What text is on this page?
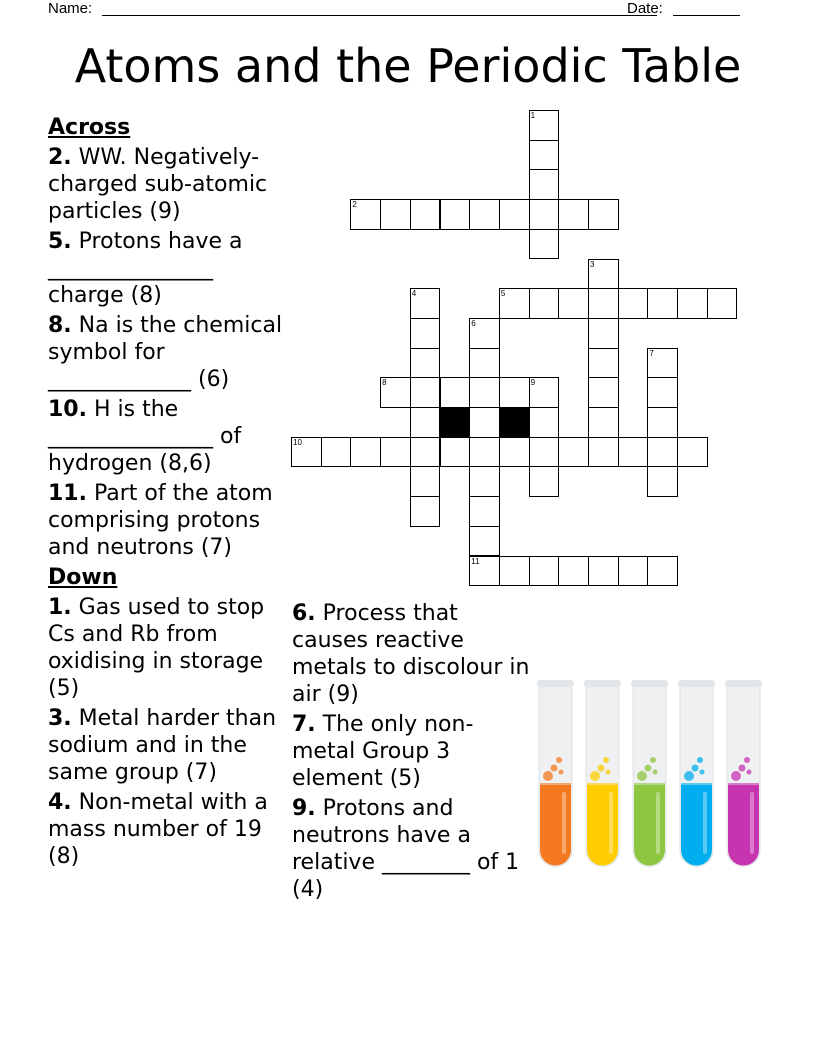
Name:	Date:
Atoms and the Periodic Table
Across
2. WW. Negatively-charged sub-atomic particles (9)
5. Protons have a _______________ charge (8)
8. Na is the chemical symbol for _____________ (6)
10. H is the _______________ of hydrogen (8,6)
11. Part of the atom comprising protons and neutrons (7)
Down
1. Gas used to stop Cs and Rb from oxidising in storage (5)
3. Metal harder than sodium and in the same group (7)
4. Non-metal with a mass number of 19 (8)
6. Process that causes reactive metals to discolour in air (9)
7. The only non-metal Group 3 element (5)
9. Protons and neutrons have a relative ________ of 1 (4)
1
2
3
4	5
6
11
7
8	9
10
